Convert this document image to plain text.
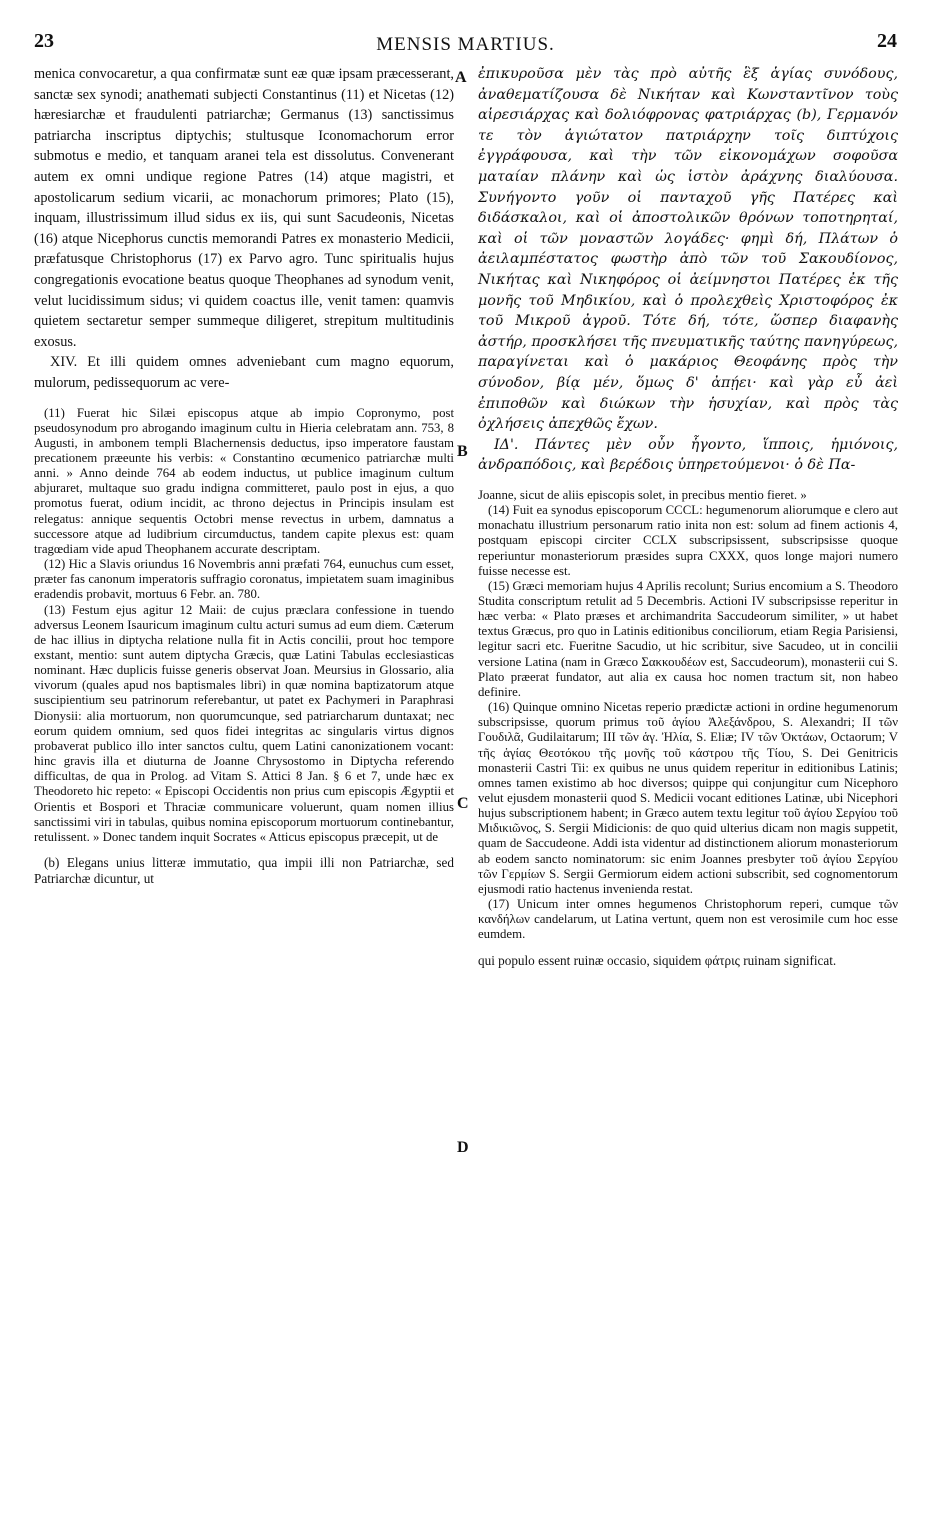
23	MENSIS MARTIUS.	24
A
B
C
D

menica convocaretur, a qua confirmatæ sunt eæ quæ ipsam præcesserant, sanctæ sex synodi; anathemati subjecti Constantinus (11) et Nicetas (12) hæresiarchæ et fraudulenti patriarchæ; Germanus (13) sanctissimus patriarcha inscriptus diptychis; stultusque Iconomachorum error submotus e medio, et tanquam aranei tela est dissolutus. Convenerant autem ex omni undique regione Patres (14) atque magistri, et apostolicarum sedium vicarii, ac monachorum primores; Plato (15), inquam, illustrissimum illud sidus ex iis, qui sunt Sacudeonis, Nicetas (16) atque Nicephorus cunctis memorandi Patres ex monasterio Medicii, præfatusque Christophorus (17) ex Parvo agro. Tunc spiritualis hujus congregationis evocatione beatus quoque Theophanes ad synodum venit, velut lucidissimum sidus; vi quidem coactus ille, venit tamen: quamvis quietem sectaretur semper summeque diligeret, strepitum multitudinis exosus.

XIV. Et illi quidem omnes adveniebant cum magno equorum, mulorum, pedissequorum ac vere-

(11) Fuerat hic Silæi episcopus atque ab impio Copronymo, post pseudosynodum pro abrogando imaginum cultu in Hieria celebratam ann. 753, 8 Augusti, in ambonem templi Blachernensis deductus, ipso imperatore faustam precationem præeunte his verbis: « Constantino œcumenico patriarchæ multi anni. » Anno deinde 764 ab eodem inductus, ut publice imaginum cultum abjuraret, multaque suo gradu indigna committeret, paulo post in ejus, a quo promotus fuerat, odium incidit, ac throno dejectus in Principis insulam est relegatus: annique sequentis Octobri mense revectus in urbem, damnatus a successore atque ad ludibrium circumductus, tandem capite plexus est: quam tragœdiam vide apud Theophanem accurate descriptam.

(12) Hic a Slavis oriundus 16 Novembris anni præfati 764, eunuchus cum esset, præter fas canonum imperatoris suffragio coronatus, impietatem suam imaginibus eradendis probavit, mortuus 6 Febr. an. 780.

(13) Festum ejus agitur 12 Maii: de cujus præclara confessione in tuendo adversus Leonem Isauricum imaginum cultu acturi sumus ad eum diem. Cæterum de hac illius in diptycha relatione nulla fit in Actis concilii, prout hoc tempore exstant, mentio: sunt autem diptycha Græcis, quæ Latini Tabulas ecclesiasticas nominant. Hæc duplicis fuisse generis observat Joan. Meursius in Glossario, alia vivorum (quales apud nos baptismales libri) in quæ nomina baptizatorum atque suscipientium seu patrinorum referebantur, ut patet ex Pachymeri in Paraphrasi Dionysii: alia mortuorum, non quorumcunque, sed patriarcharum duntaxat; nec eorum quidem omnium, sed quos fidei integritas ac singularis virtus dignos probaverat publico illo inter sanctos cultu, quem Latini canonizationem vocant: hinc gravis illa et diuturna de Joanne Chrysostomo in Diptycha referendo difficultas, de qua in Prolog. ad Vitam S. Attici 8 Jan. § 6 et 7, unde hæc ex Theodoreto hic repeto: « Episcopi Occidentis non prius cum episcopis Ægyptii et Orientis et Bospori et Thraciæ communicare voluerunt, quam nomen illius sanctissimi viri in tabulas, quibus nomina episcoporum mortuorum continebantur, retulissent. » Donec tandem inquit Socrates « Atticus episcopus præcepit, ut de

(b) Elegans unius litteræ immutatio, qua impii illi non Patriarchæ, sed Patriarchæ dicuntur, ut

ἐπικυροῦσα μὲν τὰς πρὸ αὐτῆς ἓξ ἁγίας συνόδους, ἀναθεματίζουσα δὲ Νικήταν καὶ Κωνσταντῖνον τοὺς αἱρεσιάρχας καὶ δολιόφρονας φατριάρχας (b), Γερμανόν τε τὸν ἁγιώτατον πατριάρχην τοῖς διπτύχοις ἐγγράφουσα, καὶ τὴν τῶν εἰκονομάχων σοφοῦσα ματαίαν πλάνην καὶ ὡς ἱστὸν ἀράχνης διαλύουσα. Συνήγοντο γοῦν οἱ πανταχοῦ γῆς Πατέρες καὶ διδάσκαλοι, καὶ οἱ ἀποστολικῶν θρόνων τοποτηρηταί, καὶ οἱ τῶν μοναστῶν λογάδες· φημὶ δή, Πλάτων ὁ ἀειλαμπέστατος φωστὴρ ἀπὸ τῶν τοῦ Σακουδίονος, Νικήτας καὶ Νικηφόρος οἱ ἀείμνηστοι Πατέρες ἐκ τῆς μονῆς τοῦ Μηδικίου, καὶ ὁ προλεχθεὶς Χριστοφόρος ἐκ τοῦ Μικροῦ ἀγροῦ. Τότε δή, τότε, ὥσπερ διαφανὴς ἀστήρ, προσκλήσει τῆς πνευματικῆς ταύτης πανηγύρεως, παραγίνεται καὶ ὁ μακάριος Θεοφάνης πρὸς τὴν σύνοδον, βίᾳ μέν, ὅμως δ' ἀπῄει· καὶ γὰρ εὖ ἀεὶ ἐπιποθῶν καὶ διώκων τὴν ἡσυχίαν, καὶ πρὸς τὰς ὀχλήσεις ἀπεχθῶς ἔχων.

ΙΔ'. Πάντες μὲν οὖν ἧγοντο, ἵπποις, ἡμιόνοις, ἀνδραπόδοις, καὶ βερέδοις ὑπηρετούμενοι· ὁ δὲ Πα-

Joanne, sicut de aliis episcopis solet, in precibus mentio fieret. »

(14) Fuit ea synodus episcoporum CCCL: hegumenorum aliorumque e clero aut monachatu illustrium personarum ratio inita non est: solum ad finem actionis 4, postquam episcopi circiter CCLX subscripsissent, subscripsisse quoque reperiuntur monasteriorum præsides supra CXXX, quos longe majori numero fuisse necesse est.

(15) Græci memoriam hujus 4 Aprilis recolunt; Surius encomium a S. Theodoro Studita conscriptum retulit ad 5 Decembris. Actioni IV subscripsisse reperitur in hæc verba: « Plato præses et archimandrita Saccudeorum similiter, » ut habet textus Græcus, pro quo in Latinis editionibus conciliorum, etiam Regia Parisiensi, legitur sacri etc. Fueritne Sacudio, ut hic scribitur, sive Sacudeo, ut in concilii versione Latina (nam in Græco Σακκουδέων est, Saccudeorum), monasterii cui S. Plato præerat fundator, aut alia ex causa hoc nomen tractum sit, non habeo definire.

(16) Quinque omnino Nicetas reperio prædictæ actioni in ordine hegumenorum subscripsisse, quorum primus τοῦ ἁγίου Ἀλεξάνδρου, S. Alexandri; II τῶν Γουδιλᾶ, Gudilaitarum; III τῶν ἁγ. Ἠλία, S. Eliæ; IV τῶν Ὀκτάων, Octaorum; V τῆς ἁγίας Θεοτόκου τῆς μονῆς τοῦ κάστρου τῆς Τίου, S. Dei Genitricis monasterii Castri Tii: ex quibus ne unus quidem reperitur in editionibus Latinis; omnes tamen existimo ab hoc diversos; quippe qui conjungitur cum Nicephoro velut ejusdem monasterii quod S. Medicii vocant editiones Latinæ, ubi Nicephori hujus subscriptionem habent; in Græco autem textu legitur τοῦ ἁγίου Σεργίου τοῦ Μιδικιῶνος, S. Sergii Midicionis: de quo quid ulterius dicam non magis suppetit, quam de Saccudeone. Addi ista videntur ad distinctionem aliorum monasteriorum ab eodem sancto nominatorum: sic enim Joannes presbyter τοῦ ἁγίου Σεργίου τῶν Γερμίων S. Sergii Germiorum eidem actioni subscribit, sed cognomentorum ejusmodi ratio hactenus invenienda restat.

(17) Unicum inter omnes hegumenos Christophorum reperi, cumque τῶν κανδήλων candelarum, ut Latina vertunt, quem non est verosimile cum hoc esse eumdem.

qui populo essent ruinæ occasio, siquidem φάτρις ruinam significat.
